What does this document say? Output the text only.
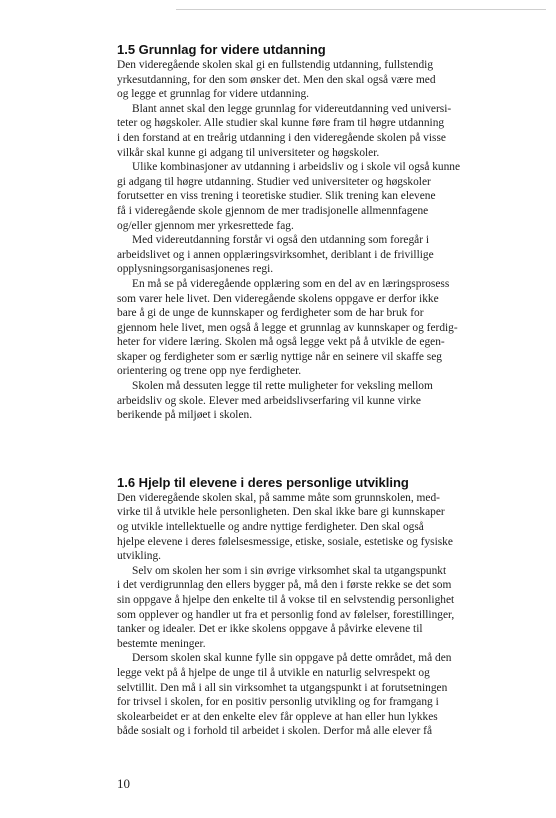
1.5 Grunnlag for videre utdanning
Den videregående skolen skal gi en fullstendig utdanning, fullstendig
yrkesutdanning, for den som ønsker det. Men den skal også være med
og legge et grunnlag for videre utdanning.
Blant annet skal den legge grunnlag for videreutdanning ved universi-
teter og høgskoler. Alle studier skal kunne føre fram til høgre utdanning
i den forstand at en treårig utdanning i den videregående skolen på visse
vilkår skal kunne gi adgang til universiteter og høgskoler.
Ulike kombinasjoner av utdanning i arbeidsliv og i skole vil også kunne
gi adgang til høgre utdanning. Studier ved universiteter og høgskoler
forutsetter en viss trening i teoretiske studier. Slik trening kan elevene
få i videregående skole gjennom de mer tradisjonelle allmennfagene
og/eller gjennom mer yrkesrettede fag.
Med videreutdanning forstår vi også den utdanning som foregår i
arbeidslivet og i annen opplæringsvirksomhet, deriblant i de frivillige
opplysningsorganisasjonenes regi.
En må se på videregående opplæring som en del av en læringsprosess
som varer hele livet. Den videregående skolens oppgave er derfor ikke
bare å gi de unge de kunnskaper og ferdigheter som de har bruk for
gjennom hele livet, men også å legge et grunnlag av kunnskaper og ferdig-
heter for videre læring. Skolen må også legge vekt på å utvikle de egen-
skaper og ferdigheter som er særlig nyttige når en seinere vil skaffe seg
orientering og trene opp nye ferdigheter.
Skolen må dessuten legge til rette muligheter for veksling mellom
arbeidsliv og skole. Elever med arbeidslivserfaring vil kunne virke
berikende på miljøet i skolen.
1.6 Hjelp til elevene i deres personlige utvikling
Den videregående skolen skal, på samme måte som grunnskolen, med-
virke til å utvikle hele personligheten. Den skal ikke bare gi kunnskaper
og utvikle intellektuelle og andre nyttige ferdigheter. Den skal også
hjelpe elevene i deres følelsesmessige, etiske, sosiale, estetiske og fysiske
utvikling.
Selv om skolen her som i sin øvrige virksomhet skal ta utgangspunkt
i det verdigrunnlag den ellers bygger på, må den i første rekke se det som
sin oppgave å hjelpe den enkelte til å vokse til en selvstendig personlighet
som opplever og handler ut fra et personlig fond av følelser, forestillinger,
tanker og idealer. Det er ikke skolens oppgave å påvirke elevene til
bestemte meninger.
Dersom skolen skal kunne fylle sin oppgave på dette området, må den
legge vekt på å hjelpe de unge til å utvikle en naturlig selvrespekt og
selvtillit. Den må i all sin virksomhet ta utgangspunkt i at forutsetningen
for trivsel i skolen, for en positiv personlig utvikling og for framgang i
skolearbeidet er at den enkelte elev får oppleve at han eller hun lykkes
både sosialt og i forhold til arbeidet i skolen. Derfor må alle elever få
10
